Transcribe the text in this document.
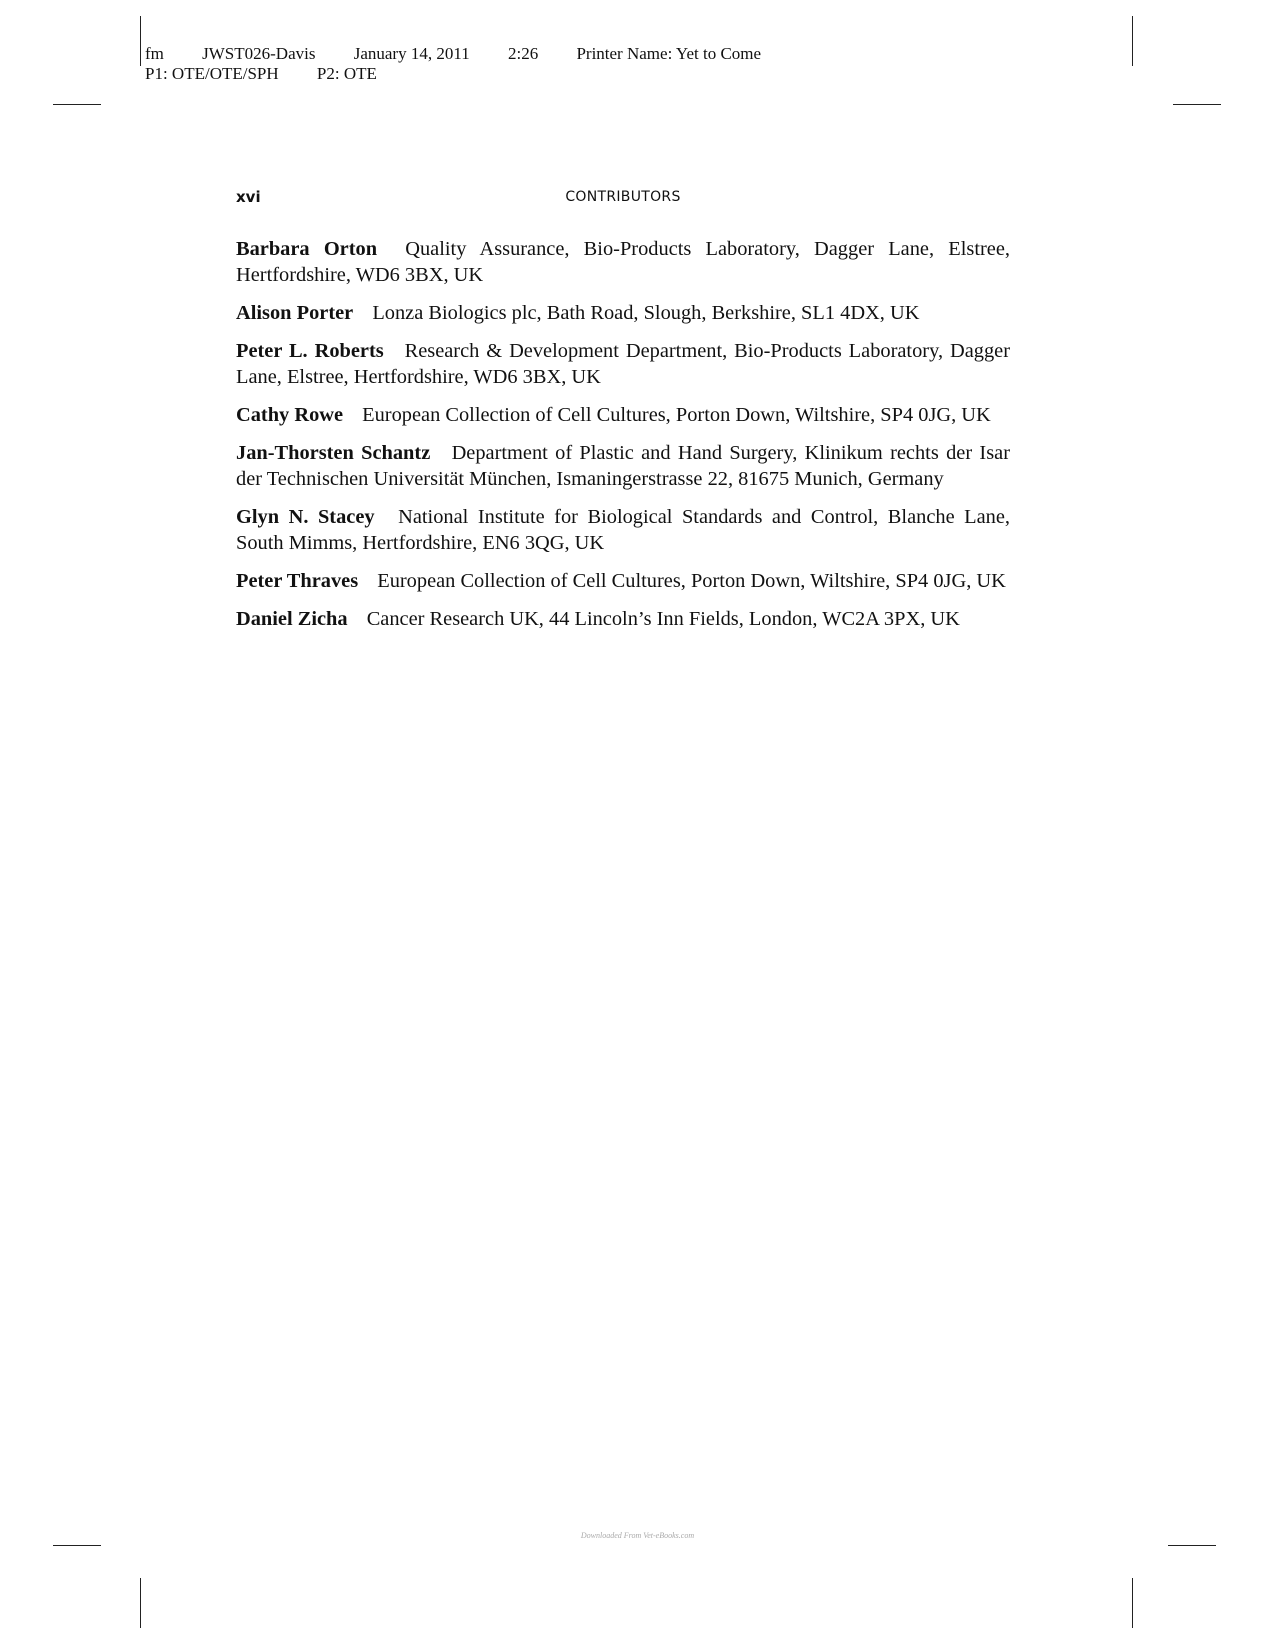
fm JWST026-Davis January 14, 2011 2:26 Printer Name: Yet to Come
P1: OTE/OTE/SPH P2: OTE
xvi	CONTRIBUTORS

Barbara Orton Quality Assurance, Bio-Products Laboratory, Dagger Lane, Elstree, Hertfordshire, WD6 3BX, UK

Alison Porter Lonza Biologics plc, Bath Road, Slough, Berkshire, SL1 4DX, UK

Peter L. Roberts Research & Development Department, Bio-Products Laboratory, Dagger Lane, Elstree, Hertfordshire, WD6 3BX, UK

Cathy Rowe European Collection of Cell Cultures, Porton Down, Wiltshire, SP4 0JG, UK

Jan-Thorsten Schantz Department of Plastic and Hand Surgery, Klinikum rechts der Isar der Technischen Universität München, Ismaningerstrasse 22, 81675 Munich, Germany

Glyn N. Stacey National Institute for Biological Standards and Control, Blanche Lane, South Mimms, Hertfordshire, EN6 3QG, UK

Peter Thraves European Collection of Cell Cultures, Porton Down, Wiltshire, SP4 0JG, UK

Daniel Zicha Cancer Research UK, 44 Lincoln’s Inn Fields, London, WC2A 3PX, UK

Downloaded From Vet-eBooks.com
